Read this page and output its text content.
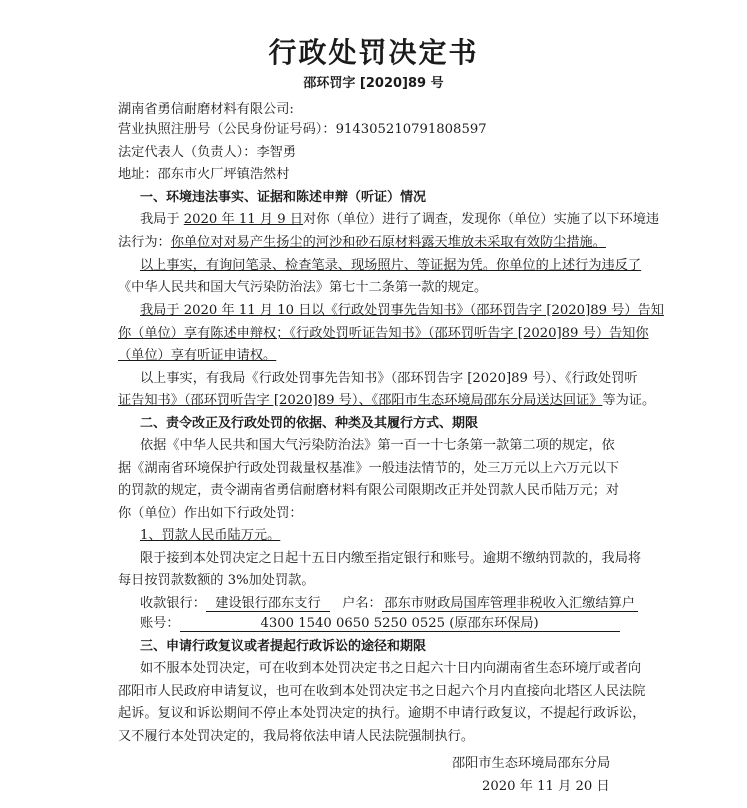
行政处罚决定书
邵环罚字 [2020]89 号
湖南省勇信耐磨材料有限公司:
营业执照注册号（公民身份证号码）：914305210791808597
法定代表人（负责人）：李智勇
地址：邵东市火厂坪镇浩然村
一、环境违法事实、证据和陈述申辩（听证）情况
我局于 2020 年 11 月 9 日对你（单位）进行了调查，发现你（单位）实施了以下环境违
法行为：你单位对对易产生扬尘的河沙和砂石原材料露天堆放未采取有效防尘措施。
以上事实，有询问笔录、检查笔录、现场照片、等证据为凭。你单位的上述行为违反了
《中华人民共和国大气污染防治法》第七十二条第一款的规定。
我局于 2020 年 11 月 10 日以《行政处罚事先告知书》（邵环罚告字 [2020]89 号）告知
你（单位）享有陈述申辩权；《行政处罚听证告知书》（邵环罚听告字 [2020]89 号）告知你
（单位）享有听证申请权。
以上事实，有我局《行政处罚事先告知书》（邵环罚告字 [2020]89 号）、《行政处罚听
证告知书》（邵环罚听告字 [2020]89 号）、《邵阳市生态环境局邵东分局送达回证》等为证。
二、责令改正及行政处罚的依据、种类及其履行方式、期限
依据《中华人民共和国大气污染防治法》第一百一十七条第一款第二项的规定，依
据《湖南省环境保护行政处罚裁量权基准》一般违法情节的，处三万元以上六万元以下
的罚款的规定，责令湖南省勇信耐磨材料有限公司限期改正并处罚款人民币陆万元；对
你（单位）作出如下行政处罚：
1、罚款人民币陆万元。
限于接到本处罚决定之日起十五日内缴至指定银行和账号。逾期不缴纳罚款的，我局将
每日按罚款数额的 3%加处罚款。
收款银行： 建设银行邵东支行 户名： 邵东市财政局国库管理非税收入汇缴结算户
账号：	4300 1540 0650 5250 0525 (原邵东环保局)
三、申请行政复议或者提起行政诉讼的途径和期限
如不服本处罚决定，可在收到本处罚决定书之日起六十日内向湖南省生态环境厅或者向
邵阳市人民政府申请复议，也可在收到本处罚决定书之日起六个月内直接向北塔区人民法院
起诉。复议和诉讼期间不停止本处罚决定的执行。逾期不申请行政复议，不提起行政诉讼，
又不履行本处罚决定的，我局将依法申请人民法院强制执行。
邵阳市生态环境局邵东分局
2020 年 11 月 20 日
